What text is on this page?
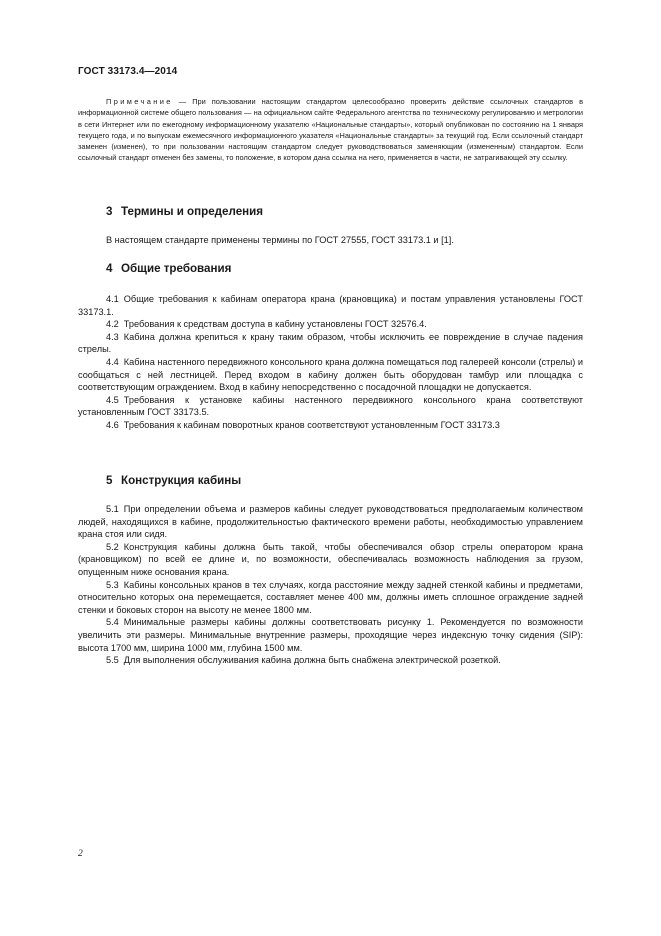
ГОСТ 33173.4—2014

Примечание — При пользовании настоящим стандартом целесообразно проверить действие ссылочных стандартов в информационной системе общего пользования — на официальном сайте Федерального агентства по техническому регулированию и метрологии в сети Интернет или по ежегодному информационному указателю «Национальные стандарты», который опубликован по состоянию на 1 января текущего года, и по выпускам ежемесячного информационного указателя «Национальные стандарты» за текущий год. Если ссылочный стандарт заменен (изменен), то при пользовании настоящим стандартом следует руководствоваться заменяющим (измененным) стандартом. Если ссылочный стандарт отменен без замены, то положение, в котором дана ссылка на него, применяется в части, не затрагивающей эту ссылку.

3 Термины и определения

В настоящем стандарте применены термины по ГОСТ 27555, ГОСТ 33173.1 и [1].

4 Общие требования

4.1 Общие требования к кабинам оператора крана (крановщика) и постам управления установлены ГОСТ 33173.1.

4.2 Требования к средствам доступа в кабину установлены ГОСТ 32576.4.

4.3 Кабина должна крепиться к крану таким образом, чтобы исключить ее повреждение в случае падения стрелы.

4.4 Кабина настенного передвижного консольного крана должна помещаться под галереей консоли (стрелы) и сообщаться с ней лестницей. Перед входом в кабину должен быть оборудован тамбур или площадка с соответствующим ограждением. Вход в кабину непосредственно с посадочной площадки не допускается.

4.5 Требования к установке кабины настенного передвижного консольного крана соответствуют установленным ГОСТ 33173.5.

4.6 Требования к кабинам поворотных кранов соответствуют установленным ГОСТ 33173.3

5 Конструкция кабины

5.1 При определении объема и размеров кабины следует руководствоваться предполагаемым количеством людей, находящихся в кабине, продолжительностью фактического времени работы, необходимостью управлением крана стоя или сидя.

5.2 Конструкция кабины должна быть такой, чтобы обеспечивался обзор стрелы оператором крана (крановщиком) по всей ее длине и, по возможности, обеспечивалась возможность наблюдения за грузом, опущенным ниже основания крана.

5.3 Кабины консольных кранов в тех случаях, когда расстояние между задней стенкой кабины и предметами, относительно которых она перемещается, составляет менее 400 мм, должны иметь сплошное ограждение задней стенки и боковых сторон на высоту не менее 1800 мм.

5.4 Минимальные размеры кабины должны соответствовать рисунку 1. Рекомендуется по возможности увеличить эти размеры. Минимальные внутренние размеры, проходящие через индексную точку сидения (SIP): высота 1700 мм, ширина 1000 мм, глубина 1500 мм.

5.5 Для выполнения обслуживания кабина должна быть снабжена электрической розеткой.

2
